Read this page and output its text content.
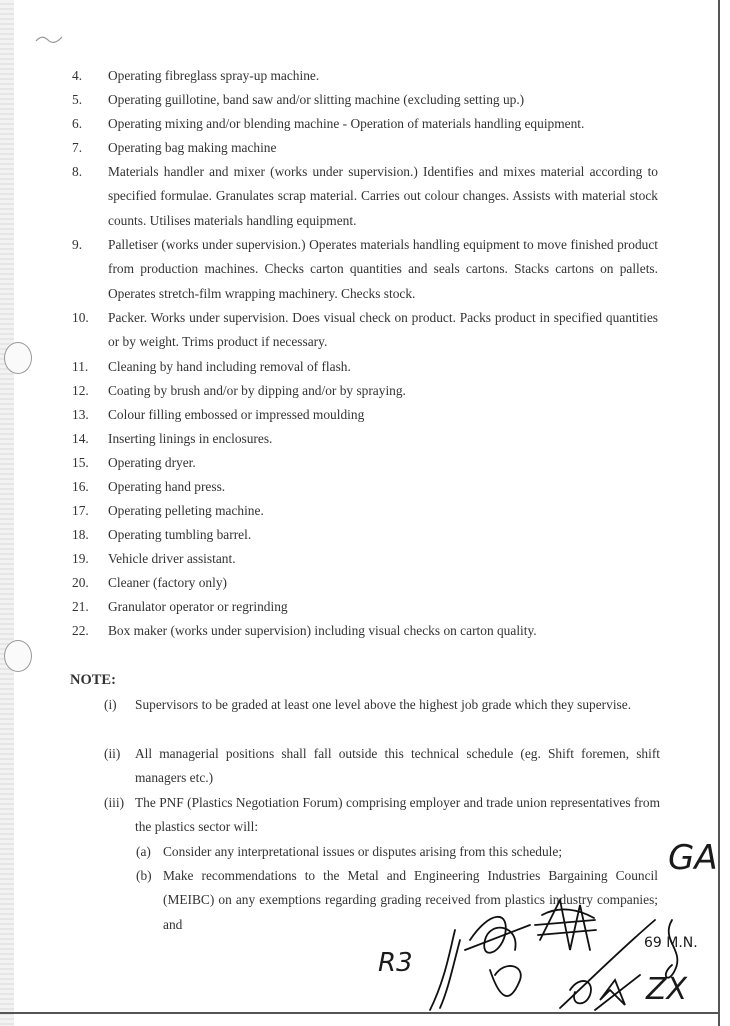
4. Operating fibreglass spray-up machine.
5. Operating guillotine, band saw and/or slitting machine (excluding setting up.)
6. Operating mixing and/or blending machine - Operation of materials handling equipment.
7. Operating bag making machine
8. Materials handler and mixer (works under supervision.) Identifies and mixes material according to specified formulae. Granulates scrap material. Carries out colour changes. Assists with material stock counts. Utilises materials handling equipment.
9. Palletiser (works under supervision.) Operates materials handling equipment to move finished product from production machines. Checks carton quantities and seals cartons. Stacks cartons on pallets. Operates stretch-film wrapping machinery. Checks stock.
10. Packer. Works under supervision. Does visual check on product. Packs product in specified quantities or by weight. Trims product if necessary.
11. Cleaning by hand including removal of flash.
12. Coating by brush and/or by dipping and/or by spraying.
13. Colour filling embossed or impressed moulding
14. Inserting linings in enclosures.
15. Operating dryer.
16. Operating hand press.
17. Operating pelleting machine.
18. Operating tumbling barrel.
19. Vehicle driver assistant.
20. Cleaner (factory only)
21. Granulator operator or regrinding
22. Box maker (works under supervision) including visual checks on carton quality.
NOTE:
(i) Supervisors to be graded at least one level above the highest job grade which they supervise.
(ii) All managerial positions shall fall outside this technical schedule (eg. Shift foremen, shift managers etc.)
(iii) The PNF (Plastics Negotiation Forum) comprising employer and trade union representatives from the plastics sector will:
(a) Consider any interpretational issues or disputes arising from this schedule;
(b) Make recommendations to the Metal and Engineering Industries Bargaining Council (MEIBC) on any exemptions regarding grading received from plastics industry companies; and
GA
69 M.N.
ZX
R3
